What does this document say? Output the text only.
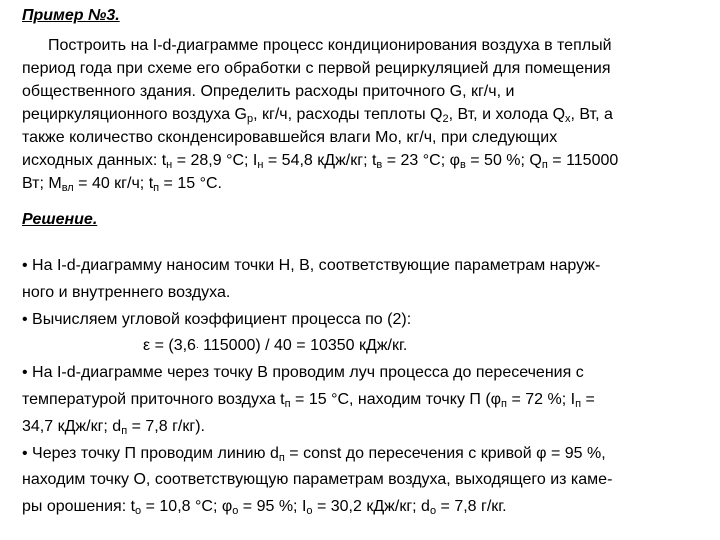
Пример №3.
Построить на I-d-диаграмме процесс кондиционирования воздуха в теплый
период года при схеме его обработки с первой рециркуляцией для помещения
общественного здания. Определить расходы приточного G, кг/ч, и
рециркуляционного воздуха $G_р$, кг/ч, расходы теплоты $Q_2$, Вт, и холода $Q_х$, Вт, а
также количество сконденсировавшейся влаги Мо, кг/ч, при следующих
исходных данных: $t_н = 28,9$ °С; $I_н = 54,8$ кДж/кг; $t_в = 23$ °С; $\varphi_в = 50$ %; $Q_п = 115000$
Вт; $М_{вл} = 40$ кг/ч; $t_п = 15$ °С.
Решение.
• На I-d-диаграмму наносим точки Н, В, соответствующие параметрам наруж-
ного и внутреннего воздуха.
• Вычисляем угловой коэффициент процесса по (2):
ε = (3,6. 115000) / 40 = 10350 кДж/кг.
• На I-d-диаграмме через точку В проводим луч процесса до пересечения с
температурой приточного воздуха $t_п = 15$ °С, находим точку П ($\varphi_п = 72$ %; $I_п$ =
34,7 кДж/кг; $d_п = 7,8$ г/кг).
• Через точку П проводим линию $d_п$ = const до пересечения с кривой φ = 95 %,
находим точку О, соответствующую параметрам воздуха, выходящего из каме-
ры орошения: $t_о = 10,8$ °С; $\varphi_о = 95$ %; $I_о = 30,2$ кДж/кг; $d_о = 7,8$ г/кг.
